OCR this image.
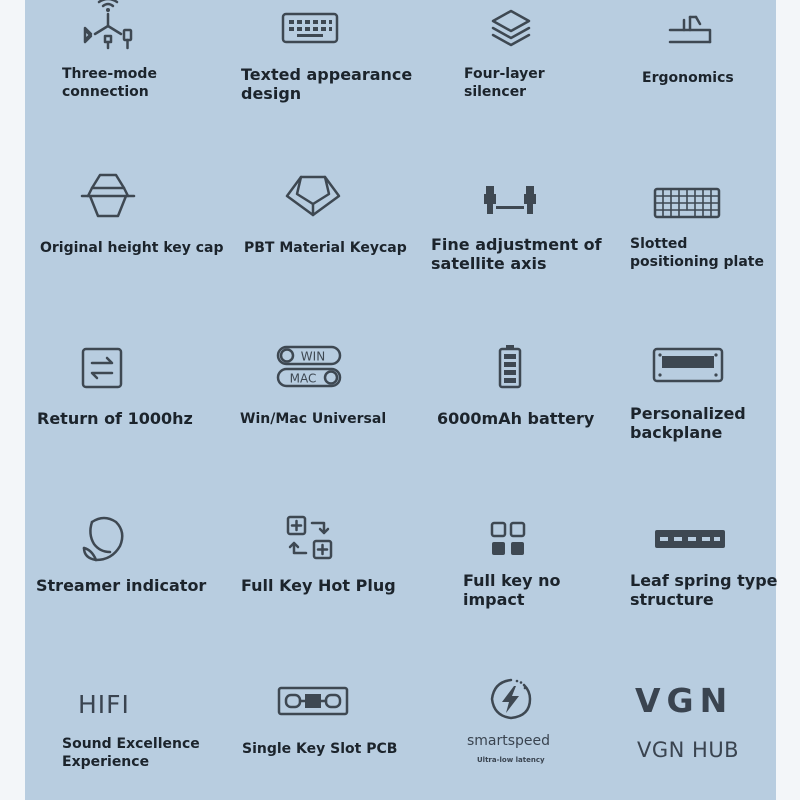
Three-mode
connection
Texted appearance
design
Four-layer
silencer
Ergonomics
Original height key cap PBT Material Keycap Fine adjustment of
satellite axis
Slotted
positioning plate
Return of 1000hz
WIN
MAC
Win/Mac Universal	6000mAh battery Personalized
backplane
Streamer indicator Full Key Hot Plug	Full key no
impact
Leaf spring type
structure
HIFI
Sound Excellence
Experience
Single Key Slot PCB	smartspeed
Ultra-low latency
VGN
VGN HUB
